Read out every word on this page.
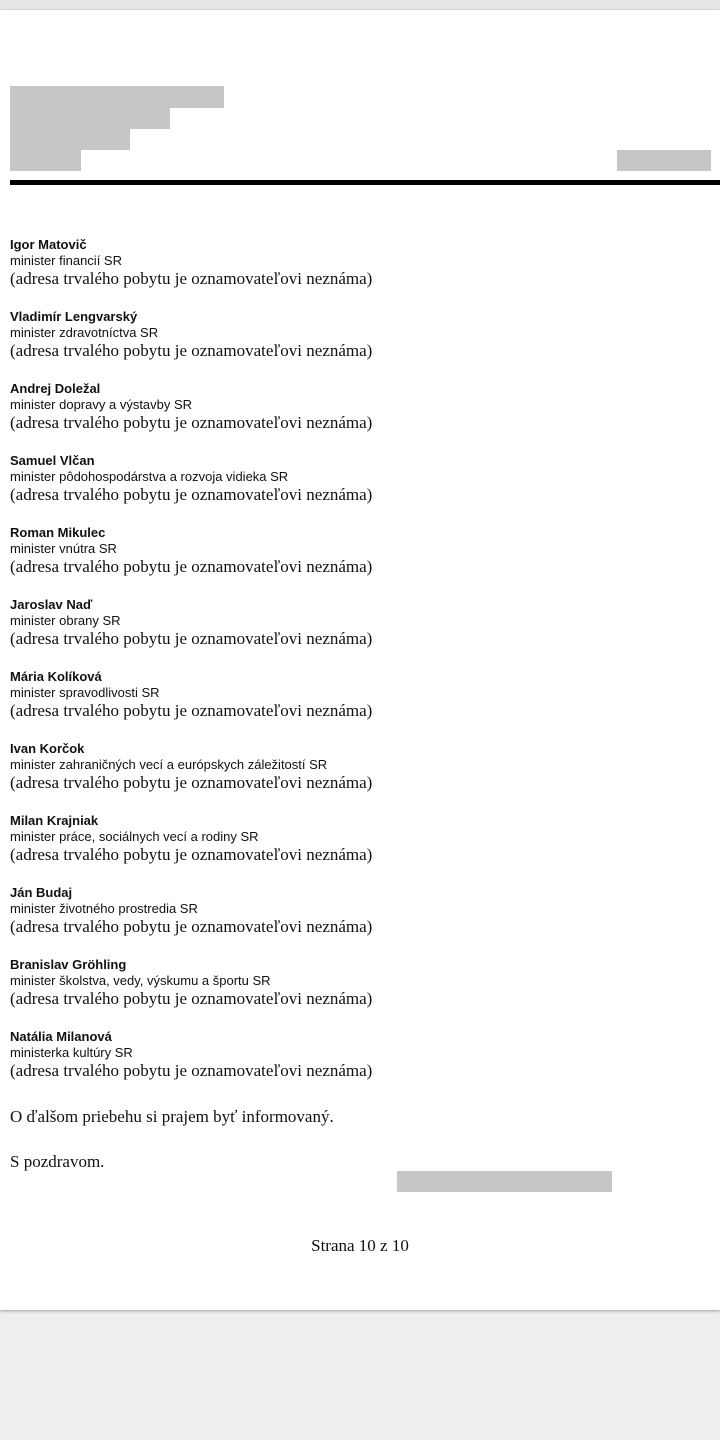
Igor Matovič
minister financií SR
(adresa trvalého pobytu je oznamovateľovi neznáma)
Vladimír Lengvarský
minister zdravotníctva SR
(adresa trvalého pobytu je oznamovateľovi neznáma)
Andrej Doležal
minister dopravy a výstavby SR
(adresa trvalého pobytu je oznamovateľovi neznáma)
Samuel Vlčan
minister pôdohospodárstva a rozvoja vidieka SR
(adresa trvalého pobytu je oznamovateľovi neznáma)
Roman Mikulec
minister vnútra SR
(adresa trvalého pobytu je oznamovateľovi neznáma)
Jaroslav Naď
minister obrany SR
(adresa trvalého pobytu je oznamovateľovi neznáma)
Mária Kolíková
minister spravodlivosti SR
(adresa trvalého pobytu je oznamovateľovi neznáma)
Ivan Korčok
minister zahraničných vecí a európskych záležitostí SR
(adresa trvalého pobytu je oznamovateľovi neznáma)
Milan Krajniak
minister práce, sociálnych vecí a rodiny SR
(adresa trvalého pobytu je oznamovateľovi neznáma)
Ján Budaj
minister životného prostredia SR
(adresa trvalého pobytu je oznamovateľovi neznáma)
Branislav Gröhling
minister školstva, vedy, výskumu a športu SR
(adresa trvalého pobytu je oznamovateľovi neznáma)
Natália Milanová
ministerka kultúry SR
(adresa trvalého pobytu je oznamovateľovi neznáma)
O ďalšom priebehu si prajem byť informovaný.
S pozdravom.
Strana 10 z 10
